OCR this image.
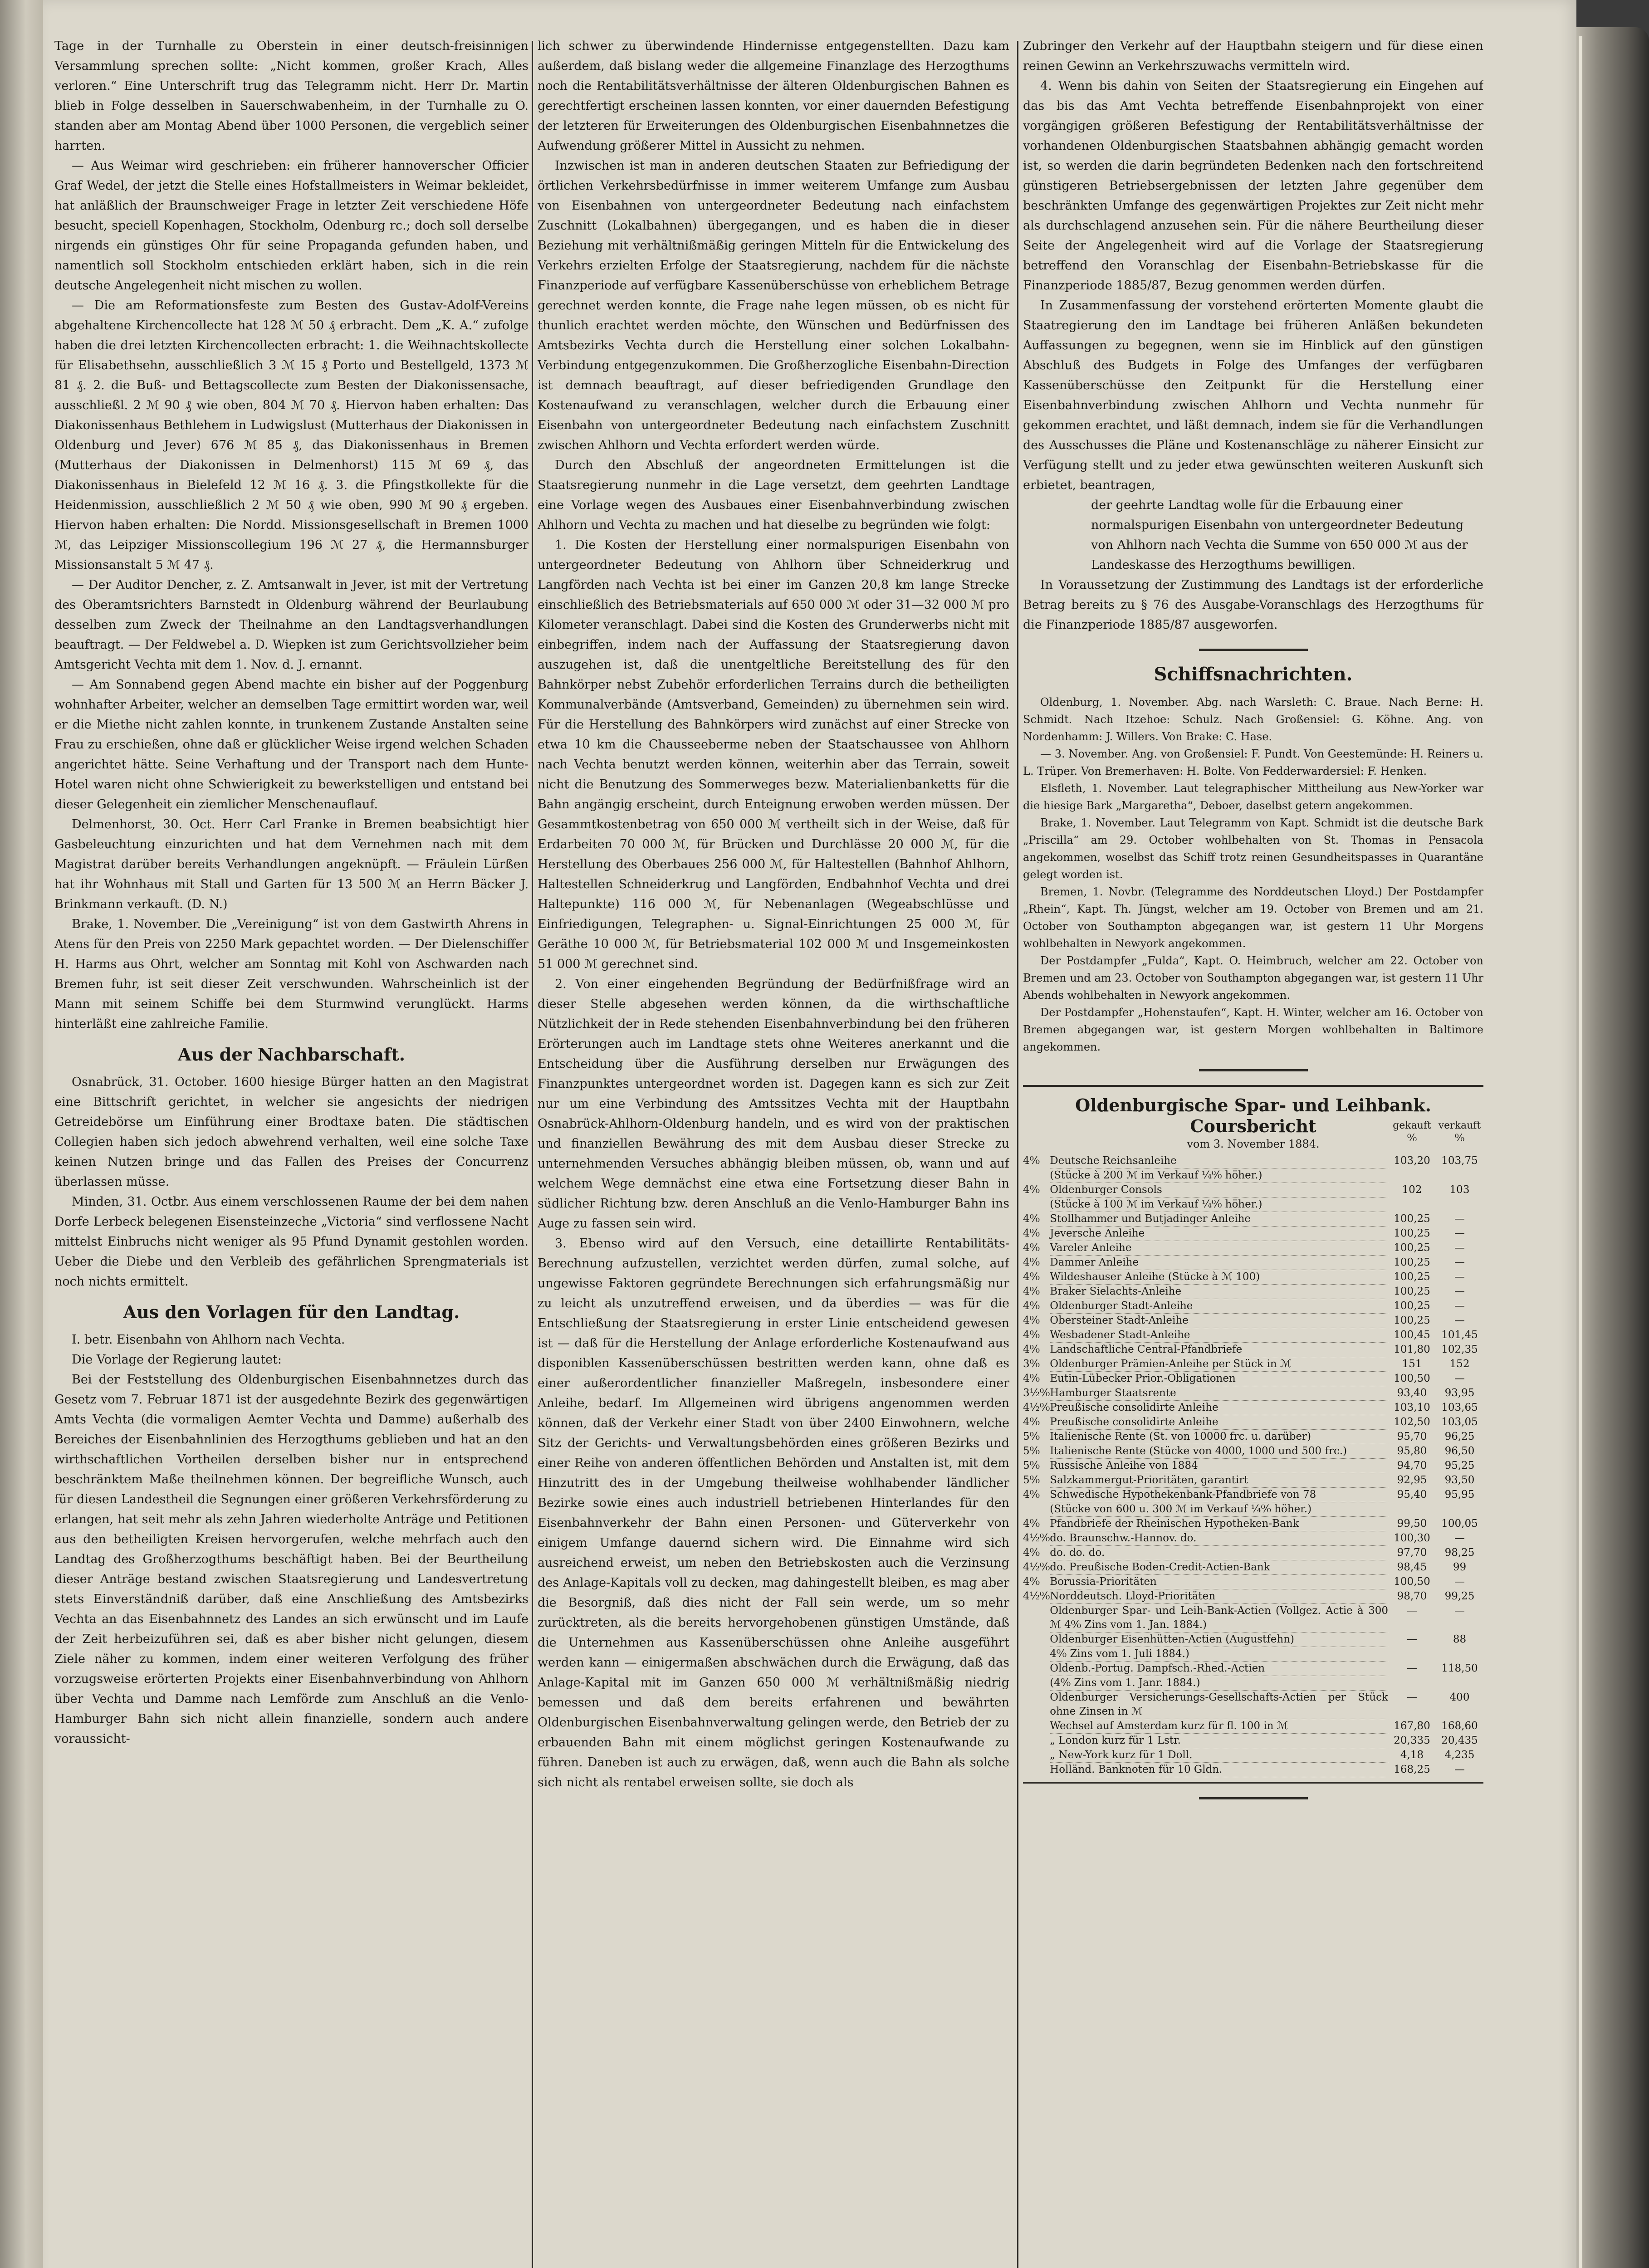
Tage in der Turnhalle zu Oberstein in einer deutsch-freisinnigen Versammlung sprechen sollte: „Nicht kommen, großer Krach, Alles verloren.“ Eine Unterschrift trug das Telegramm nicht. Herr Dr. Martin blieb in Folge desselben in Sauerschwabenheim, in der Turnhalle zu O. standen aber am Montag Abend über 1000 Personen, die vergeblich seiner harrten.

— Aus Weimar wird geschrieben: ein früherer hannoverscher Officier Graf Wedel, der jetzt die Stelle eines Hofstallmeisters in Weimar bekleidet, hat anläßlich der Braunschweiger Frage in letzter Zeit verschiedene Höfe besucht, speciell Kopenhagen, Stockholm, Odenburg rc.; doch soll derselbe nirgends ein günstiges Ohr für seine Propaganda gefunden haben, und namentlich soll Stockholm entschieden erklärt haben, sich in die rein deutsche Angelegenheit nicht mischen zu wollen.

— Die am Reformationsfeste zum Besten des Gustav-Adolf-Vereins abgehaltene Kirchencollecte hat 128 ℳ 50 ₰ erbracht. Dem „K. A.“ zufolge haben die drei letzten Kirchencollecten erbracht: 1. die Weihnachtskollecte für Elisabethsehn, ausschließlich 3 ℳ 15 ₰ Porto und Bestellgeld, 1373 ℳ 81 ₰. 2. die Buß- und Bettagscollecte zum Besten der Diakonissensache, ausschließl. 2 ℳ 90 ₰ wie oben, 804 ℳ 70 ₰. Hiervon haben erhalten: Das Diakonissenhaus Bethlehem in Ludwigslust (Mutterhaus der Diakonissen in Oldenburg und Jever) 676 ℳ 85 ₰, das Diakonissenhaus in Bremen (Mutterhaus der Diakonissen in Delmenhorst) 115 ℳ 69 ₰, das Diakonissenhaus in Bielefeld 12 ℳ 16 ₰. 3. die Pfingstkollekte für die Heidenmission, ausschließlich 2 ℳ 50 ₰ wie oben, 990 ℳ 90 ₰ ergeben. Hiervon haben erhalten: Die Nordd. Missionsgesellschaft in Bremen 1000 ℳ, das Leipziger Missionscollegium 196 ℳ 27 ₰, die Hermannsburger Missionsanstalt 5 ℳ 47 ₰.

— Der Auditor Dencher, z. Z. Amtsanwalt in Jever, ist mit der Vertretung des Oberamtsrichters Barnstedt in Oldenburg während der Beurlaubung desselben zum Zweck der Theilnahme an den Landtagsverhandlungen beauftragt. — Der Feldwebel a. D. Wiepken ist zum Gerichtsvollzieher beim Amtsgericht Vechta mit dem 1. Nov. d. J. ernannt.

— Am Sonnabend gegen Abend machte ein bisher auf der Poggenburg wohnhafter Arbeiter, welcher an demselben Tage ermittirt worden war, weil er die Miethe nicht zahlen konnte, in trunkenem Zustande Anstalten seine Frau zu erschießen, ohne daß er glücklicher Weise irgend welchen Schaden angerichtet hätte. Seine Verhaftung und der Transport nach dem Hunte-Hotel waren nicht ohne Schwierigkeit zu bewerkstelligen und entstand bei dieser Gelegenheit ein ziemlicher Menschenauflauf.

Delmenhorst, 30. Oct. Herr Carl Franke in Bremen beabsichtigt hier Gasbeleuchtung einzurichten und hat dem Vernehmen nach mit dem Magistrat darüber bereits Verhandlungen angeknüpft. — Fräulein Lürßen hat ihr Wohnhaus mit Stall und Garten für 13 500 ℳ an Herrn Bäcker J. Brinkmann verkauft. (D. N.)

Brake, 1. November. Die „Vereinigung“ ist von dem Gastwirth Ahrens in Atens für den Preis von 2250 Mark gepachtet worden. — Der Dielenschiffer H. Harms aus Ohrt, welcher am Sonntag mit Kohl von Aschwarden nach Bremen fuhr, ist seit dieser Zeit verschwunden. Wahrscheinlich ist der Mann mit seinem Schiffe bei dem Sturmwind verunglückt. Harms hinterläßt eine zahlreiche Familie.

Aus der Nachbarschaft.

Osnabrück, 31. October. 1600 hiesige Bürger hatten an den Magistrat eine Bittschrift gerichtet, in welcher sie angesichts der niedrigen Getreidebörse um Einführung einer Brodtaxe baten. Die städtischen Collegien haben sich jedoch abwehrend verhalten, weil eine solche Taxe keinen Nutzen bringe und das Fallen des Preises der Concurrenz überlassen müsse.

Minden, 31. Octbr. Aus einem verschlossenen Raume der bei dem nahen Dorfe Lerbeck belegenen Eisensteinzeche „Victoria“ sind verflossene Nacht mittelst Einbruchs nicht weniger als 95 Pfund Dynamit gestohlen worden. Ueber die Diebe und den Verbleib des gefährlichen Sprengmaterials ist noch nichts ermittelt.

Aus den Vorlagen für den Landtag.

I. betr. Eisenbahn von Ahlhorn nach Vechta.

Die Vorlage der Regierung lautet:

Bei der Feststellung des Oldenburgischen Eisenbahnnetzes durch das Gesetz vom 7. Februar 1871 ist der ausgedehnte Bezirk des gegenwärtigen Amts Vechta (die vormaligen Aemter Vechta und Damme) außerhalb des Bereiches der Eisenbahnlinien des Herzogthums geblieben und hat an den wirthschaftlichen Vortheilen derselben bisher nur in entsprechend beschränktem Maße theilnehmen können. Der begreifliche Wunsch, auch für diesen Landestheil die Segnungen einer größeren Verkehrsförderung zu erlangen, hat seit mehr als zehn Jahren wiederholte Anträge und Petitionen aus den betheiligten Kreisen hervorgerufen, welche mehrfach auch den Landtag des Großherzogthums beschäftigt haben. Bei der Beurtheilung dieser Anträge bestand zwischen Staatsregierung und Landesvertretung stets Einverständniß darüber, daß eine Anschließung des Amtsbezirks Vechta an das Eisenbahnnetz des Landes an sich erwünscht und im Laufe der Zeit herbeizuführen sei, daß es aber bisher nicht gelungen, diesem Ziele näher zu kommen, indem einer weiteren Verfolgung des früher vorzugsweise erörterten Projekts einer Eisenbahnverbindung von Ahlhorn über Vechta und Damme nach Lemförde zum Anschluß an die Venlo-Hamburger Bahn sich nicht allein finanzielle, sondern auch andere voraussicht-

lich schwer zu überwindende Hindernisse entgegenstellten. Dazu kam außerdem, daß bislang weder die allgemeine Finanzlage des Herzogthums noch die Rentabilitätsverhältnisse der älteren Oldenburgischen Bahnen es gerechtfertigt erscheinen lassen konnten, vor einer dauernden Befestigung der letzteren für Erweiterungen des Oldenburgischen Eisenbahnnetzes die Aufwendung größerer Mittel in Aussicht zu nehmen.

Inzwischen ist man in anderen deutschen Staaten zur Befriedigung der örtlichen Verkehrsbedürfnisse in immer weiterem Umfange zum Ausbau von Eisenbahnen von untergeordneter Bedeutung nach einfachstem Zuschnitt (Lokalbahnen) übergegangen, und es haben die in dieser Beziehung mit verhältnißmäßig geringen Mitteln für die Entwickelung des Verkehrs erzielten Erfolge der Staatsregierung, nachdem für die nächste Finanzperiode auf verfügbare Kassenüberschüsse von erheblichem Betrage gerechnet werden konnte, die Frage nahe legen müssen, ob es nicht für thunlich erachtet werden möchte, den Wünschen und Bedürfnissen des Amtsbezirks Vechta durch die Herstellung einer solchen Lokalbahn-Verbindung entgegenzukommen. Die Großherzogliche Eisenbahn-Direction ist demnach beauftragt, auf dieser befriedigenden Grundlage den Kostenaufwand zu veranschlagen, welcher durch die Erbauung einer Eisenbahn von untergeordneter Bedeutung nach einfachstem Zuschnitt zwischen Ahlhorn und Vechta erfordert werden würde.

Durch den Abschluß der angeordneten Ermittelungen ist die Staatsregierung nunmehr in die Lage versetzt, dem geehrten Landtage eine Vorlage wegen des Ausbaues einer Eisenbahnverbindung zwischen Ahlhorn und Vechta zu machen und hat dieselbe zu begründen wie folgt:

1. Die Kosten der Herstellung einer normalspurigen Eisenbahn von untergeordneter Bedeutung von Ahlhorn über Schneiderkrug und Langförden nach Vechta ist bei einer im Ganzen 20,8 km lange Strecke einschließlich des Betriebsmaterials auf 650 000 ℳ oder 31—32 000 ℳ pro Kilometer veranschlagt. Dabei sind die Kosten des Grunderwerbs nicht mit einbegriffen, indem nach der Auffassung der Staatsregierung davon auszugehen ist, daß die unentgeltliche Bereitstellung des für den Bahnkörper nebst Zubehör erforderlichen Terrains durch die betheiligten Kommunalverbände (Amtsverband, Gemeinden) zu übernehmen sein wird. Für die Herstellung des Bahnkörpers wird zunächst auf einer Strecke von etwa 10 km die Chausseeberme neben der Staatschaussee von Ahlhorn nach Vechta benutzt werden können, weiterhin aber das Terrain, soweit nicht die Benutzung des Sommerweges bezw. Materialienbanketts für die Bahn angängig erscheint, durch Enteignung erwoben werden müssen. Der Gesammtkostenbetrag von 650 000 ℳ vertheilt sich in der Weise, daß für Erdarbeiten 70 000 ℳ, für Brücken und Durchlässe 20 000 ℳ, für die Herstellung des Oberbaues 256 000 ℳ, für Haltestellen (Bahnhof Ahlhorn, Haltestellen Schneiderkrug und Langförden, Endbahnhof Vechta und drei Haltepunkte) 116 000 ℳ, für Nebenanlagen (Wegeabschlüsse und Einfriedigungen, Telegraphen- u. Signal-Einrichtungen 25 000 ℳ, für Geräthe 10 000 ℳ, für Betriebsmaterial 102 000 ℳ und Insgemeinkosten 51 000 ℳ gerechnet sind.

2. Von einer eingehenden Begründung der Bedürfnißfrage wird an dieser Stelle abgesehen werden können, da die wirthschaftliche Nützlichkeit der in Rede stehenden Eisenbahnverbindung bei den früheren Erörterungen auch im Landtage stets ohne Weiteres anerkannt und die Entscheidung über die Ausführung derselben nur Erwägungen des Finanzpunktes untergeordnet worden ist. Dagegen kann es sich zur Zeit nur um eine Verbindung des Amtssitzes Vechta mit der Hauptbahn Osnabrück-Ahlhorn-Oldenburg handeln, und es wird von der praktischen und finanziellen Bewährung des mit dem Ausbau dieser Strecke zu unternehmenden Versuches abhängig bleiben müssen, ob, wann und auf welchem Wege demnächst eine etwa eine Fortsetzung dieser Bahn in südlicher Richtung bzw. deren Anschluß an die Venlo-Hamburger Bahn ins Auge zu fassen sein wird.

3. Ebenso wird auf den Versuch, eine detaillirte Rentabilitäts-Berechnung aufzustellen, verzichtet werden dürfen, zumal solche, auf ungewisse Faktoren gegründete Berechnungen sich erfahrungsmäßig nur zu leicht als unzutreffend erweisen, und da überdies — was für die Entschließung der Staatsregierung in erster Linie entscheidend gewesen ist — daß für die Herstellung der Anlage erforderliche Kostenaufwand aus disponiblen Kassenüberschüssen bestritten werden kann, ohne daß es einer außerordentlicher finanzieller Maßregeln, insbesondere einer Anleihe, bedarf. Im Allgemeinen wird übrigens angenommen werden können, daß der Verkehr einer Stadt von über 2400 Einwohnern, welche Sitz der Gerichts- und Verwaltungsbehörden eines größeren Bezirks und einer Reihe von anderen öffentlichen Behörden und Anstalten ist, mit dem Hinzutritt des in der Umgebung theilweise wohlhabender ländlicher Bezirke sowie eines auch industriell betriebenen Hinterlandes für den Eisenbahnverkehr der Bahn einen Personen- und Güterverkehr von einigem Umfange dauernd sichern wird. Die Einnahme wird sich ausreichend erweist, um neben den Betriebskosten auch die Verzinsung des Anlage-Kapitals voll zu decken, mag dahingestellt bleiben, es mag aber die Besorgniß, daß dies nicht der Fall sein werde, um so mehr zurücktreten, als die bereits hervorgehobenen günstigen Umstände, daß die Unternehmen aus Kassenüberschüssen ohne Anleihe ausgeführt werden kann — einigermaßen abschwächen durch die Erwägung, daß das Anlage-Kapital mit im Ganzen 650 000 ℳ verhältnißmäßig niedrig bemessen und daß dem bereits erfahrenen und bewährten Oldenburgischen Eisenbahnverwaltung gelingen werde, den Betrieb der zu erbauenden Bahn mit einem möglichst geringen Kostenaufwande zu führen. Daneben ist auch zu erwägen, daß, wenn auch die Bahn als solche sich nicht als rentabel erweisen sollte, sie doch als

Zubringer den Verkehr auf der Hauptbahn steigern und für diese einen reinen Gewinn an Verkehrszuwachs vermitteln wird.

4. Wenn bis dahin von Seiten der Staatsregierung ein Eingehen auf das bis das Amt Vechta betreffende Eisenbahnprojekt von einer vorgängigen größeren Befestigung der Rentabilitätsverhältnisse der vorhandenen Oldenburgischen Staatsbahnen abhängig gemacht worden ist, so werden die darin begründeten Bedenken nach den fortschreitend günstigeren Betriebsergebnissen der letzten Jahre gegenüber dem beschränkten Umfange des gegenwärtigen Projektes zur Zeit nicht mehr als durchschlagend anzusehen sein. Für die nähere Beurtheilung dieser Seite der Angelegenheit wird auf die Vorlage der Staatsregierung betreffend den Voranschlag der Eisenbahn-Betriebskasse für die Finanzperiode 1885/87, Bezug genommen werden dürfen.

In Zusammenfassung der vorstehend erörterten Momente glaubt die Staatregierung den im Landtage bei früheren Anläßen bekundeten Auffassungen zu begegnen, wenn sie im Hinblick auf den günstigen Abschluß des Budgets in Folge des Umfanges der verfügbaren Kassenüberschüsse den Zeitpunkt für die Herstellung einer Eisenbahnverbindung zwischen Ahlhorn und Vechta nunmehr für gekommen erachtet, und läßt demnach, indem sie für die Verhandlungen des Ausschusses die Pläne und Kostenanschläge zu näherer Einsicht zur Verfügung stellt und zu jeder etwa gewünschten weiteren Auskunft sich erbietet, beantragen,

der geehrte Landtag wolle für die Erbauung einer normalspurigen Eisenbahn von untergeordneter Bedeutung von Ahlhorn nach Vechta die Summe von 650 000 ℳ aus der Landeskasse des Herzogthums bewilligen.

In Voraussetzung der Zustimmung des Landtags ist der erforderliche Betrag bereits zu § 76 des Ausgabe-Voranschlags des Herzogthums für die Finanzperiode 1885/87 ausgeworfen.

Schiffsnachrichten.

Oldenburg, 1. November. Abg. nach Warsleth: C. Braue. Nach Berne: H. Schmidt. Nach Itzehoe: Schulz. Nach Großensiel: G. Köhne. Ang. von Nordenhamm: J. Willers. Von Brake: C. Hase.

— 3. November. Ang. von Großensiel: F. Pundt. Von Geestemünde: H. Reiners u. L. Trüper. Von Bremerhaven: H. Bolte. Von Fedderwardersiel: F. Henken.

Elsfleth, 1. November. Laut telegraphischer Mittheilung aus New-Yorker war die hiesige Bark „Margaretha“, Deboer, daselbst getern angekommen.

Brake, 1. November. Laut Telegramm von Kapt. Schmidt ist die deutsche Bark „Priscilla“ am 29. October wohlbehalten von St. Thomas in Pensacola angekommen, woselbst das Schiff trotz reinen Gesundheitspasses in Quarantäne gelegt worden ist.

Bremen, 1. Novbr. (Telegramme des Norddeutschen Lloyd.) Der Postdampfer „Rhein“, Kapt. Th. Jüngst, welcher am 19. October von Bremen und am 21. October von Southampton abgegangen war, ist gestern 11 Uhr Morgens wohlbehalten in Newyork angekommen.

Der Postdampfer „Fulda“, Kapt. O. Heimbruch, welcher am 22. October von Bremen und am 23. October von Southampton abgegangen war, ist gestern 11 Uhr Abends wohlbehalten in Newyork angekommen.

Der Postdampfer „Hohenstaufen“, Kapt. H. Winter, welcher am 16. October von Bremen abgegangen war, ist gestern Morgen wohlbehalten in Baltimore angekommen.

Oldenburgische Spar- und Leihbank.
Coursbericht
vom 3. November 1884.
gekauft verkauft
⁰⁄₀	⁰⁄₀
4⁰⁄₀	Deutsche Reichsanleihe	103,20	103,75
	(Stücke à 200 ℳ im Verkauf ¹⁄₄⁰⁄₀ höher.)		
4⁰⁄₀	Oldenburger Consols	102	103
	(Stücke à 100 ℳ im Verkauf ¹⁄₄⁰⁄₀ höher.)		
4⁰⁄₀	Stollhammer und Butjadinger Anleihe	100,25	—
4⁰⁄₀	Jeversche Anleihe	100,25	—
4⁰⁄₀	Vareler Anleihe	100,25	—
4⁰⁄₀	Dammer Anleihe	100,25	—
4⁰⁄₀	Wildeshauser Anleihe (Stücke à ℳ 100)	100,25	—
4⁰⁄₀	Braker Sielachts-Anleihe	100,25	—
4⁰⁄₀	Oldenburger Stadt-Anleihe	100,25	—
4⁰⁄₀	Obersteiner Stadt-Anleihe	100,25	—
4⁰⁄₀	Wesbadener Stadt-Anleihe	100,45	101,45
4⁰⁄₀	Landschaftliche Central-Pfandbriefe	101,80	102,35
3⁰⁄₀	Oldenburger Prämien-Anleihe per Stück in ℳ	151	152
4⁰⁄₀	Eutin-Lübecker Prior.-Obligationen	100,50	—
3½⁰⁄₀	Hamburger Staatsrente	93,40	93,95
4½⁰⁄₀	Preußische consolidirte Anleihe	103,10	103,65
4⁰⁄₀	Preußische consolidirte Anleihe	102,50	103,05
5⁰⁄₀	Italienische Rente (St. von 10000 frc. u. darüber)	95,70	96,25
5⁰⁄₀	Italienische Rente (Stücke von 4000, 1000 und 500 frc.)	95,80	96,50
5⁰⁄₀	Russische Anleihe von 1884	94,70	95,25
5⁰⁄₀	Salzkammergut-Prioritäten, garantirt	92,95	93,50
4⁰⁄₀	Schwedische Hypothekenbank-Pfandbriefe von 78	95,40	95,95
	(Stücke von 600 u. 300 ℳ im Verkauf ¹⁄₄⁰⁄₀ höher.)		
4⁰⁄₀	Pfandbriefe der Rheinischen Hypotheken-Bank	99,50	100,05
4½⁰⁄₀	do. Braunschw.-Hannov. do.	100,30	—
4⁰⁄₀	do. do. do.	97,70	98,25
4½⁰⁄₀	do. Preußische Boden-Credit-Actien-Bank	98,45	99
4⁰⁄₀	Borussia-Prioritäten	100,50	—
4½⁰⁄₀	Norddeutsch. Lloyd-Prioritäten	98,70	99,25
	Oldenburger Spar- und Leih-Bank-Actien (Vollgez. Actie à 300 ℳ 4⁰⁄₀ Zins vom 1. Jan. 1884.)	—	—
	Oldenburger Eisenhütten-Actien (Augustfehn)	—	88
	4⁰⁄₀ Zins vom 1. Juli 1884.)		
	Oldenb.-Portug. Dampfsch.-Rhed.-Actien	—	118,50
	(4⁰⁄₀ Zins vom 1. Janr. 1884.)		
	Oldenburger Versicherungs-Gesellschafts-Actien per Stück ohne Zinsen in ℳ	—	400
	Wechsel auf Amsterdam kurz für fl. 100 in ℳ	167,80	168,60
	„ London kurz für 1 Lstr.	20,335	20,435
	„ New-York kurz für 1 Doll.	4,18	4,235
	Holländ. Banknoten für 10 Gldn.	168,25	—
